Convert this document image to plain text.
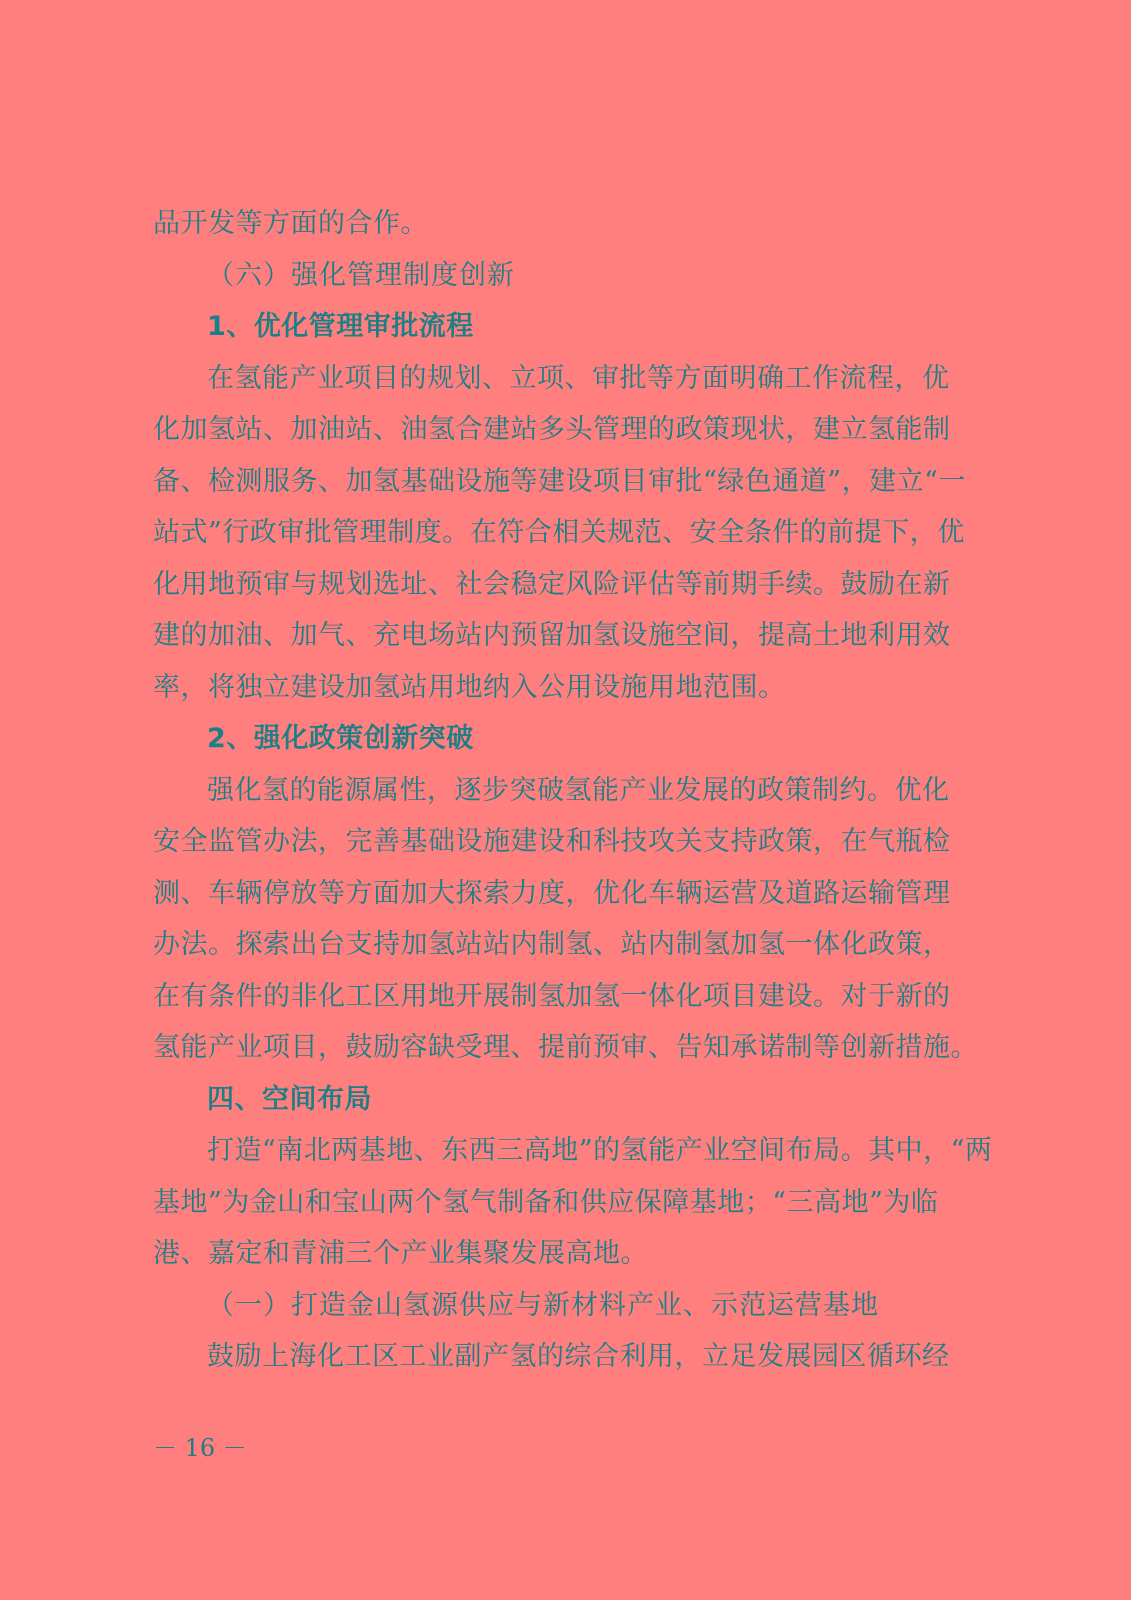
品开发等方面的合作。
（六）强化管理制度创新
1、优化管理审批流程
在氢能产业项目的规划、立项、审批等方面明确工作流程，优
化加氢站、加油站、油氢合建站多头管理的政策现状，建立氢能制
备、检测服务、加氢基础设施等建设项目审批“绿色通道”，建立“一
站式”行政审批管理制度。在符合相关规范、安全条件的前提下，优
化用地预审与规划选址、社会稳定风险评估等前期手续。鼓励在新
建的加油、加气、充电场站内预留加氢设施空间，提高土地利用效
率，将独立建设加氢站用地纳入公用设施用地范围。
2、强化政策创新突破
强化氢的能源属性，逐步突破氢能产业发展的政策制约。优化
安全监管办法，完善基础设施建设和科技攻关支持政策，在气瓶检
测、车辆停放等方面加大探索力度，优化车辆运营及道路运输管理
办法。探索出台支持加氢站站内制氢、站内制氢加氢一体化政策，
在有条件的非化工区用地开展制氢加氢一体化项目建设。对于新的
氢能产业项目，鼓励容缺受理、提前预审、告知承诺制等创新措施。
四、空间布局
打造“南北两基地、东西三高地”的氢能产业空间布局。其中，“两
基地”为金山和宝山两个氢气制备和供应保障基地；“三高地”为临
港、嘉定和青浦三个产业集聚发展高地。
（一）打造金山氢源供应与新材料产业、示范运营基地
鼓励上海化工区工业副产氢的综合利用，立足发展园区循环经
－ 16 －
